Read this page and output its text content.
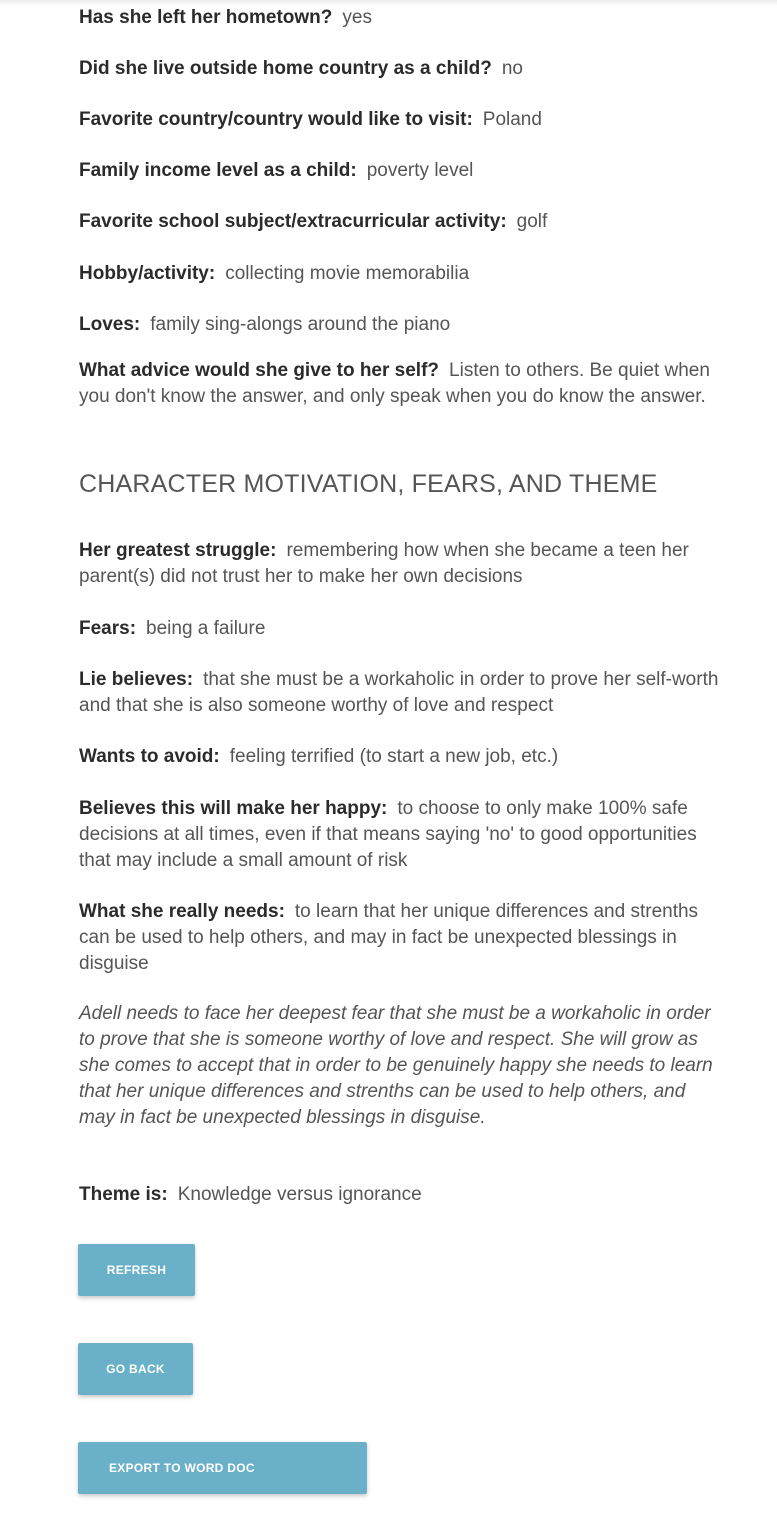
Has she left her hometown? yes
Did she live outside home country as a child? no
Favorite country/country would like to visit: Poland
Family income level as a child: poverty level
Favorite school subject/extracurricular activity: golf
Hobby/activity: collecting movie memorabilia
Loves: family sing-alongs around the piano
What advice would she give to her self? Listen to others. Be quiet when you don't know the answer, and only speak when you do know the answer.
CHARACTER MOTIVATION, FEARS, AND THEME
Her greatest struggle: remembering how when she became a teen her parent(s) did not trust her to make her own decisions
Fears: being a failure
Lie believes: that she must be a workaholic in order to prove her self-worth and that she is also someone worthy of love and respect
Wants to avoid: feeling terrified (to start a new job, etc.)
Believes this will make her happy: to choose to only make 100% safe decisions at all times, even if that means saying 'no' to good opportunities that may include a small amount of risk
What she really needs: to learn that her unique differences and strenths can be used to help others, and may in fact be unexpected blessings in disguise

Adell needs to face her deepest fear that she must be a workaholic in order to prove that she is someone worthy of love and respect. She will grow as she comes to accept that in order to be genuinely happy she needs to learn that her unique differences and strenths can be used to help others, and may in fact be unexpected blessings in disguise.

Theme is: Knowledge versus ignorance
REFRESH
GO BACK
EXPORT TO WORD DOC
